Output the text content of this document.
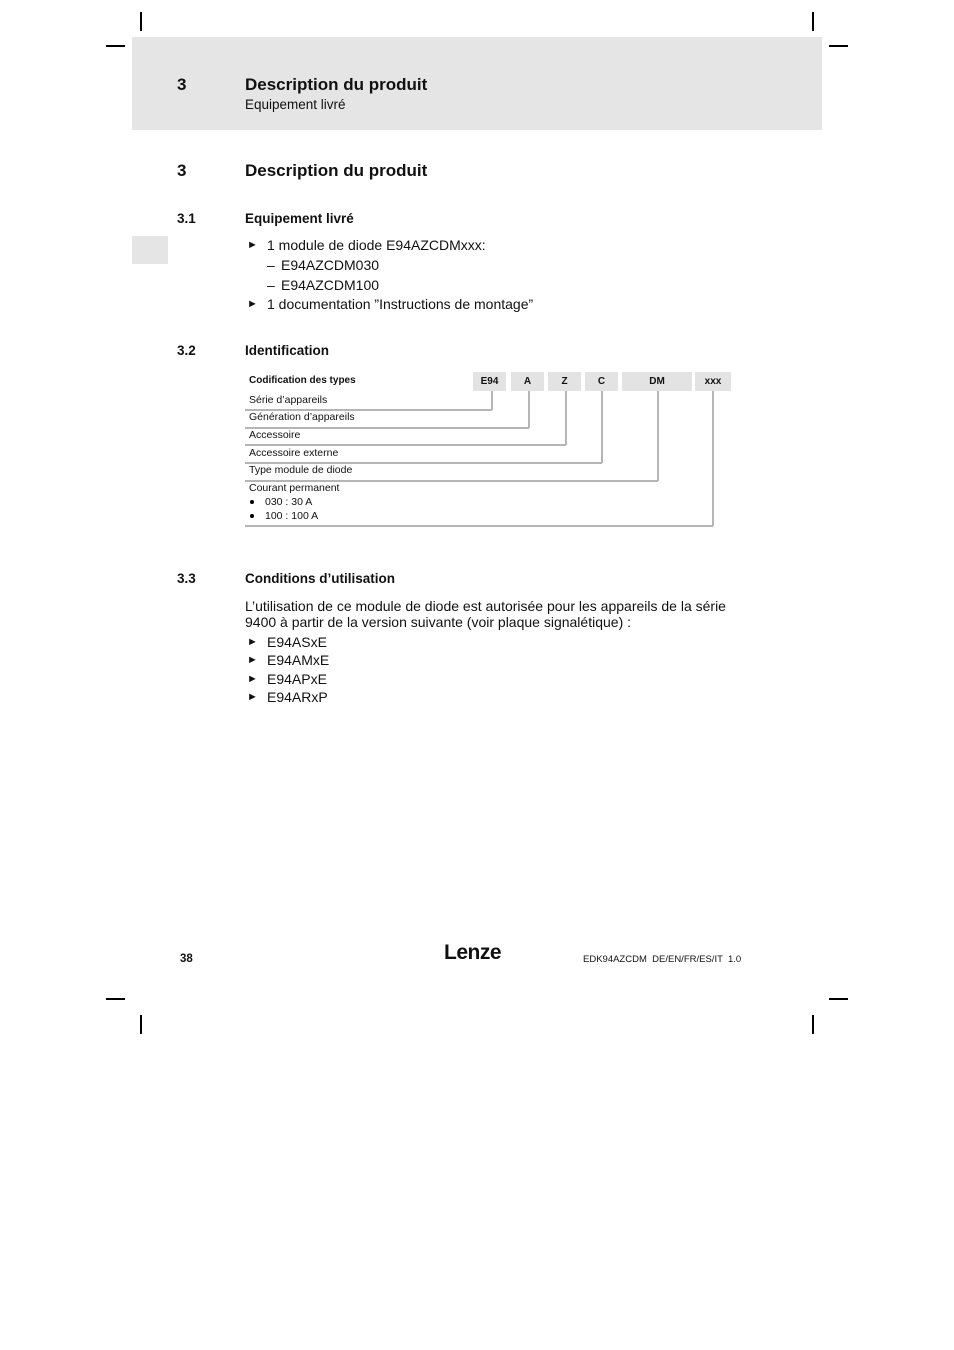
3	Description du produit
Equipement livré
3	Description du produit
3.1	Equipement livré
► 1 module de diode E94AZCDMxxx:
– E94AZCDM030
– E94AZCDM100
► 1 documentation ”Instructions de montage”
3.2	Identification
Codification des types	E94	A	Z	C	DM	xxx
Série d’appareils
Génération d’appareils
Accessoire
Accessoire externe
Type module de diode
Courant permanent
030 : 30 A
100 : 100 A
3.3	Conditions d’utilisation
L’utilisation de ce module de diode est autorisée pour les appareils de la série
9400 à partir de la version suivante (voir plaque signalétique) :
► E94ASxE
► E94AMxE
► E94APxE
► E94ARxP
38	Lenze	EDK94AZCDM  DE/EN/FR/ES/IT  1.0
